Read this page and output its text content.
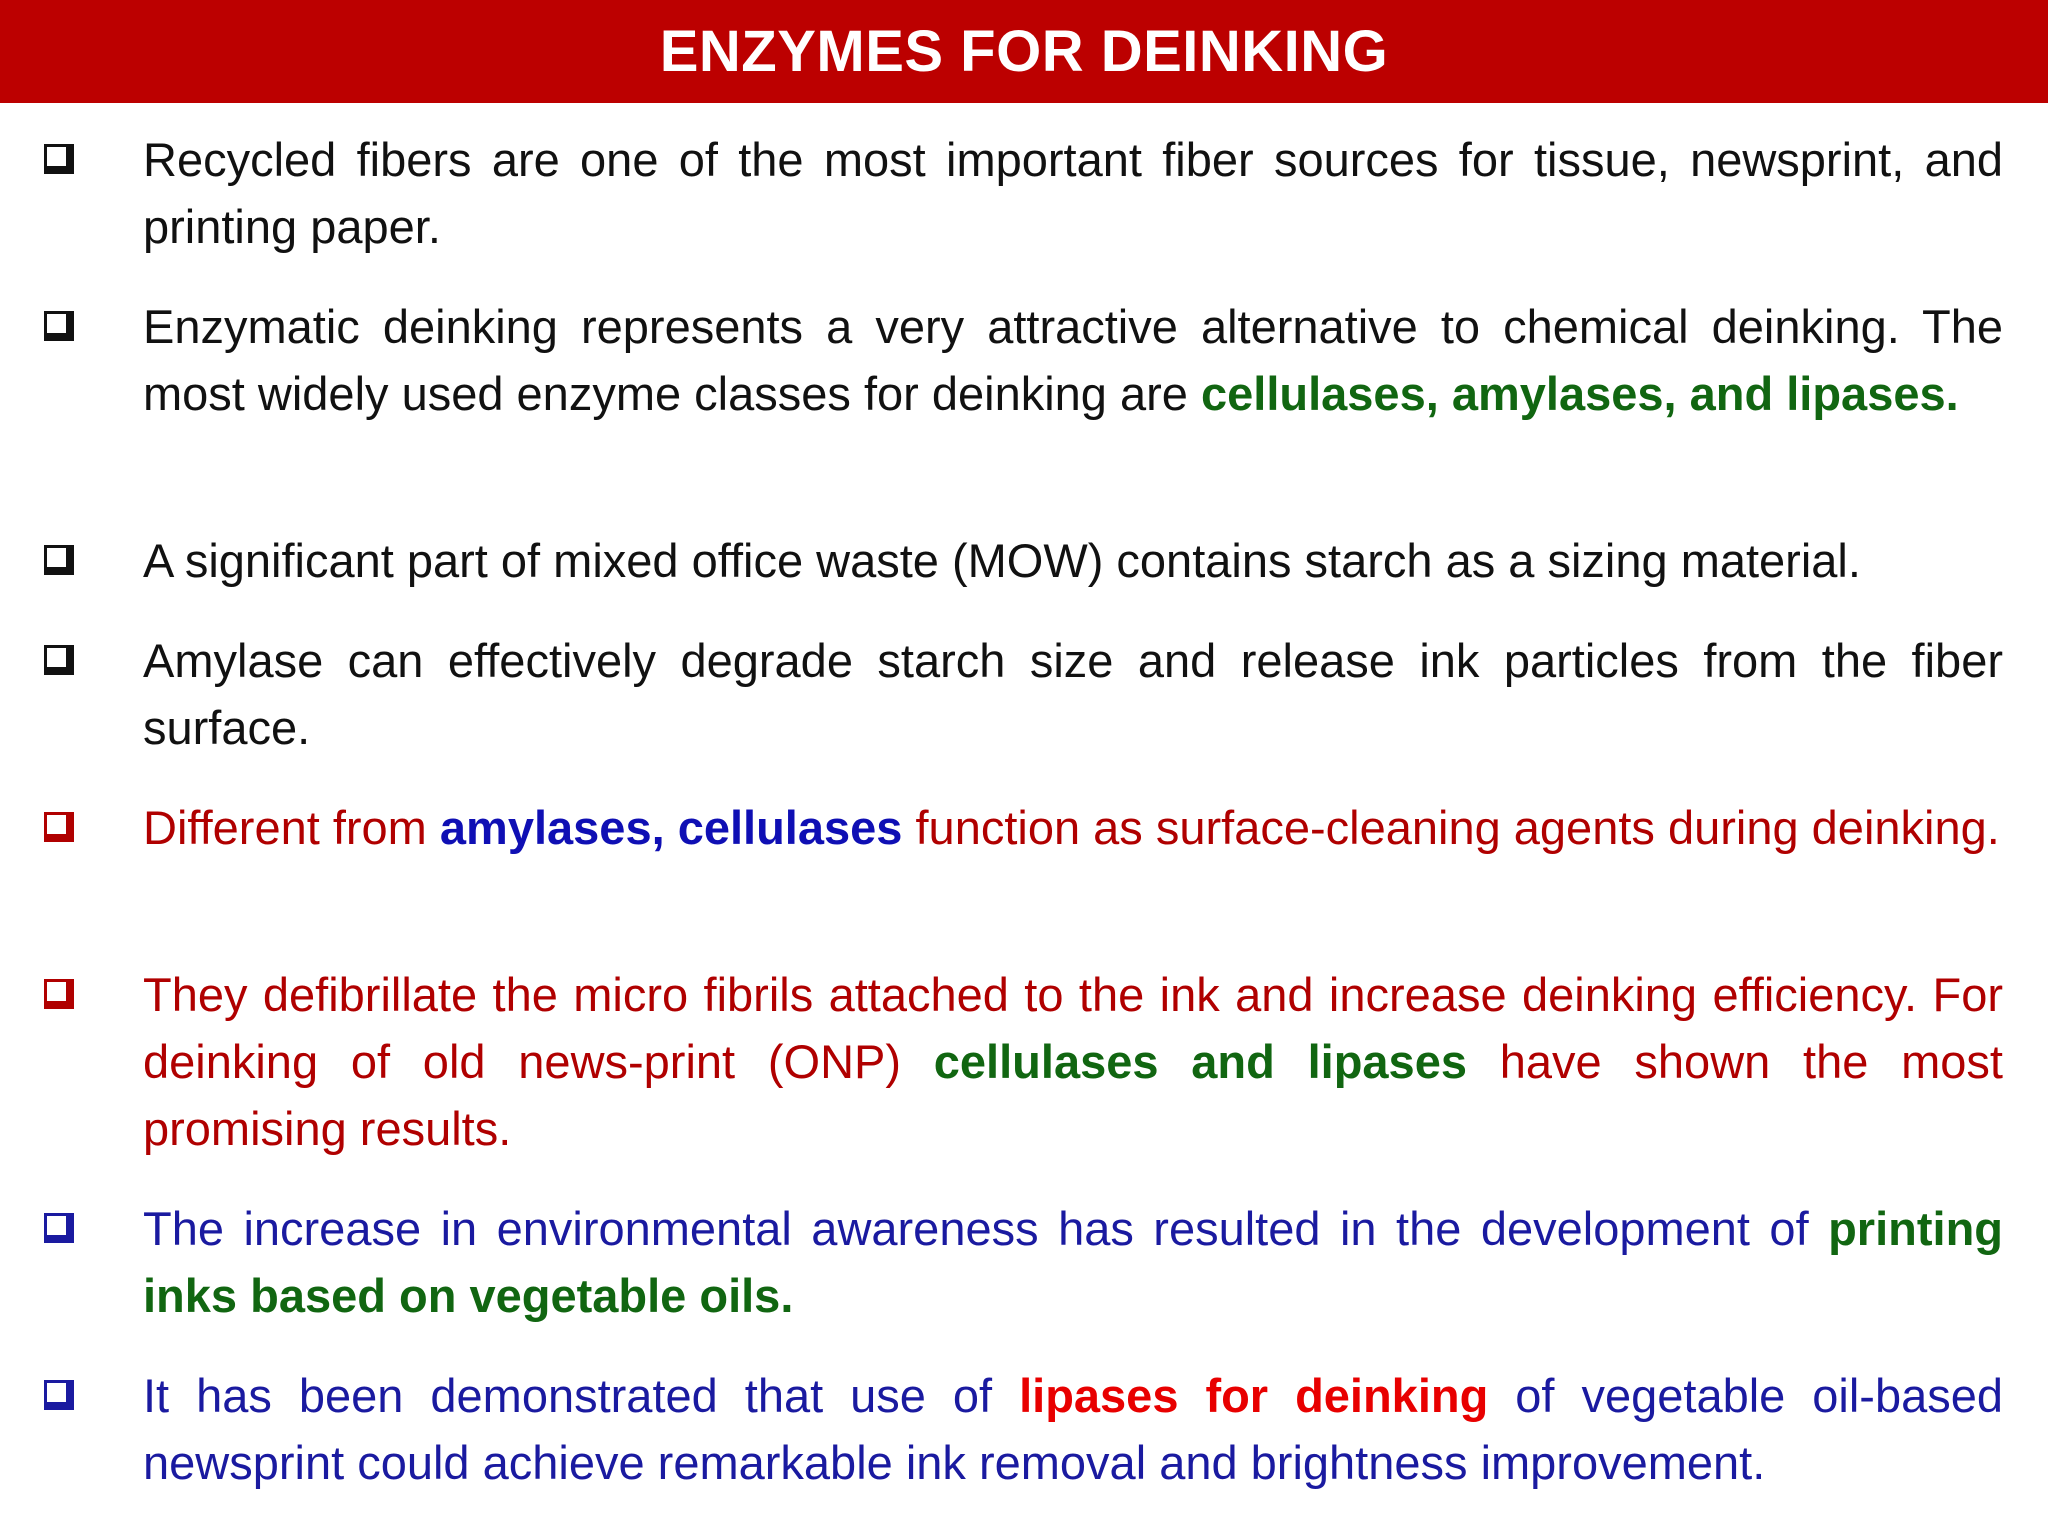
ENZYMES FOR DEINKING
Recycled fibers are one of the most important fiber sources for tissue, newsprint, and printing paper.
Enzymatic deinking represents a very attractive alternative to chemical deinking. The most widely used enzyme classes for deinking are cellulases, amylases, and lipases.
A significant part of mixed office waste (MOW) contains starch as a sizing material.
Amylase can effectively degrade starch size and release ink particles from the fiber surface.
Different from amylases, cellulases function as surface-cleaning agents during deinking.
They defibrillate the micro fibrils attached to the ink and increase deinking efficiency. For deinking of old news-print (ONP) cellulases and lipases have shown the most promising results.
The increase in environmental awareness has resulted in the development of printing inks based on vegetable oils.
It has been demonstrated that use of lipases for deinking of vegetable oil-based newsprint could achieve remarkable ink removal and brightness improvement.
